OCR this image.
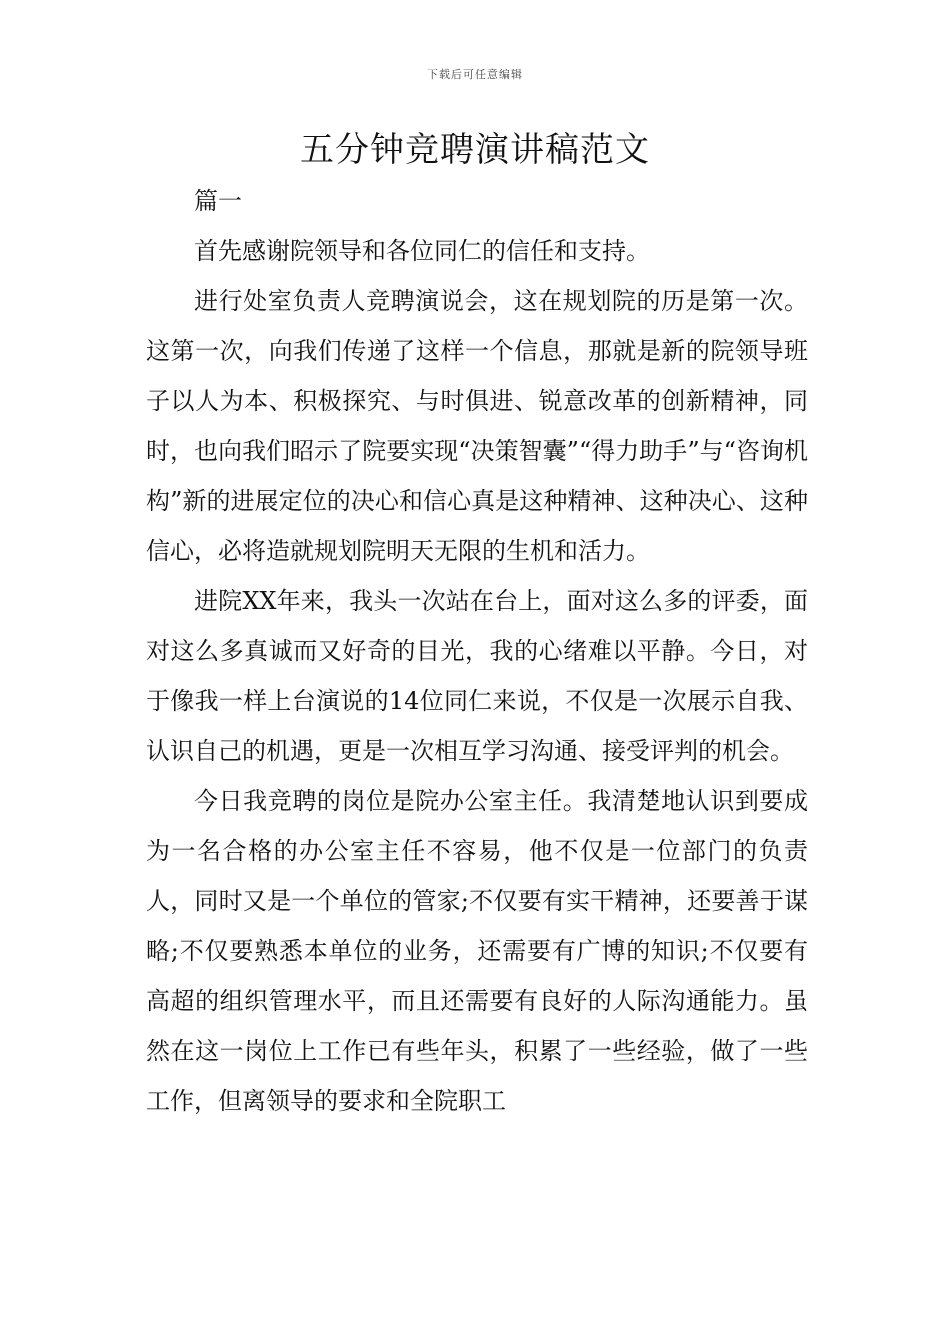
下载后可任意编辑
五分钟竞聘演讲稿范文

篇一

首先感谢院领导和各位同仁的信任和支持。

进行处室负责人竞聘演说会，这在规划院的历是第一次。这第一次，向我们传递了这样一个信息，那就是新的院领导班子以人为本、积极探究、与时俱进、锐意改革的创新精神，同时，也向我们昭示了院要实现“决策智囊”“得力助手”与“咨询机构”新的进展定位的决心和信心真是这种精神、这种决心、这种信心，必将造就规划院明天无限的生机和活力。

进院XX年来，我头一次站在台上，面对这么多的评委，面对这么多真诚而又好奇的目光，我的心绪难以平静。今日，对于像我一样上台演说的14位同仁来说，不仅是一次展示自我、认识自己的机遇，更是一次相互学习沟通、接受评判的机会。

今日我竞聘的岗位是院办公室主任。我清楚地认识到要成为一名合格的办公室主任不容易，他不仅是一位部门的负责人，同时又是一个单位的管家;不仅要有实干精神，还要善于谋略;不仅要熟悉本单位的业务，还需要有广博的知识;不仅要有高超的组织管理水平，而且还需要有良好的人际沟通能力。虽然在这一岗位上工作已有些年头，积累了一些经验，做了一些工作，但离领导的要求和全院职工
